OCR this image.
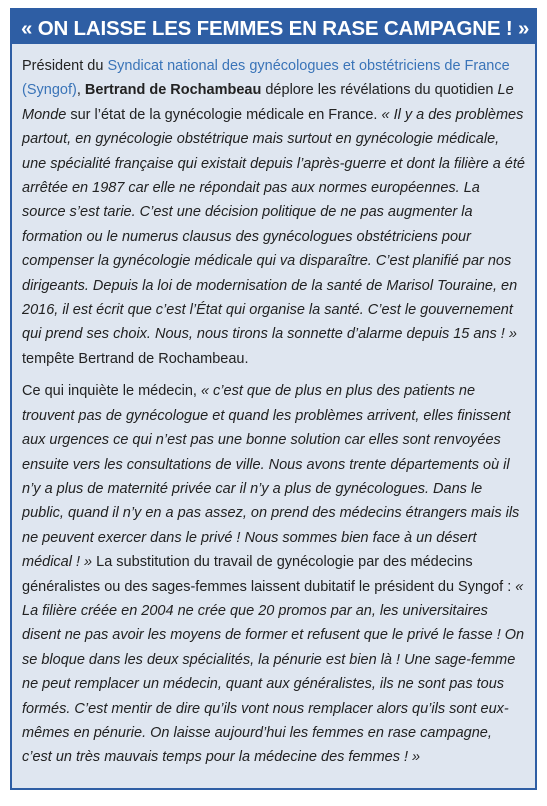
« ON LAISSE LES FEMMES EN RASE CAMPAGNE ! »

Président du Syndicat national des gynécologues et obstétriciens de France (Syngof), Bertrand de Rochambeau déplore les révélations du quotidien Le Monde sur l’état de la gynécologie médicale en France. « Il y a des problèmes partout, en gynécologie obstétrique mais surtout en gynécologie médicale, une spécialité française qui existait depuis l’après-guerre et dont la filière a été arrêtée en 1987 car elle ne répondait pas aux normes européennes. La source s’est tarie. C’est une décision politique de ne pas augmenter la formation ou le numerus clausus des gynécologues obstétriciens pour compenser la gynécologie médicale qui va disparaître. C’est planifié par nos dirigeants. Depuis la loi de modernisation de la santé de Marisol Touraine, en 2016, il est écrit que c’est l’État qui organise la santé. C’est le gouvernement qui prend ses choix. Nous, nous tirons la sonnette d’alarme depuis 15 ans ! » tempête Bertrand de Rochambeau.

Ce qui inquiète le médecin, « c’est que de plus en plus des patients ne trouvent pas de gynécologue et quand les problèmes arrivent, elles finissent aux urgences ce qui n’est pas une bonne solution car elles sont renvoyées ensuite vers les consultations de ville. Nous avons trente départements où il n’y a plus de maternité privée car il n’y a plus de gynécologues. Dans le public, quand il n’y en a pas assez, on prend des médecins étrangers mais ils ne peuvent exercer dans le privé ! Nous sommes bien face à un désert médical ! » La substitution du travail de gynécologie par des médecins généralistes ou des sages-femmes laissent dubitatif le président du Syngof : « La filière créée en 2004 ne crée que 20 promos par an, les universitaires disent ne pas avoir les moyens de former et refusent que le privé le fasse ! On se bloque dans les deux spécialités, la pénurie est bien là ! Une sage-femme ne peut remplacer un médecin, quant aux généralistes, ils ne sont pas tous formés. C’est mentir de dire qu’ils vont nous remplacer alors qu’ils sont eux-mêmes en pénurie. On laisse aujourd’hui les femmes en rase campagne, c’est un très mauvais temps pour la médecine des femmes ! »
